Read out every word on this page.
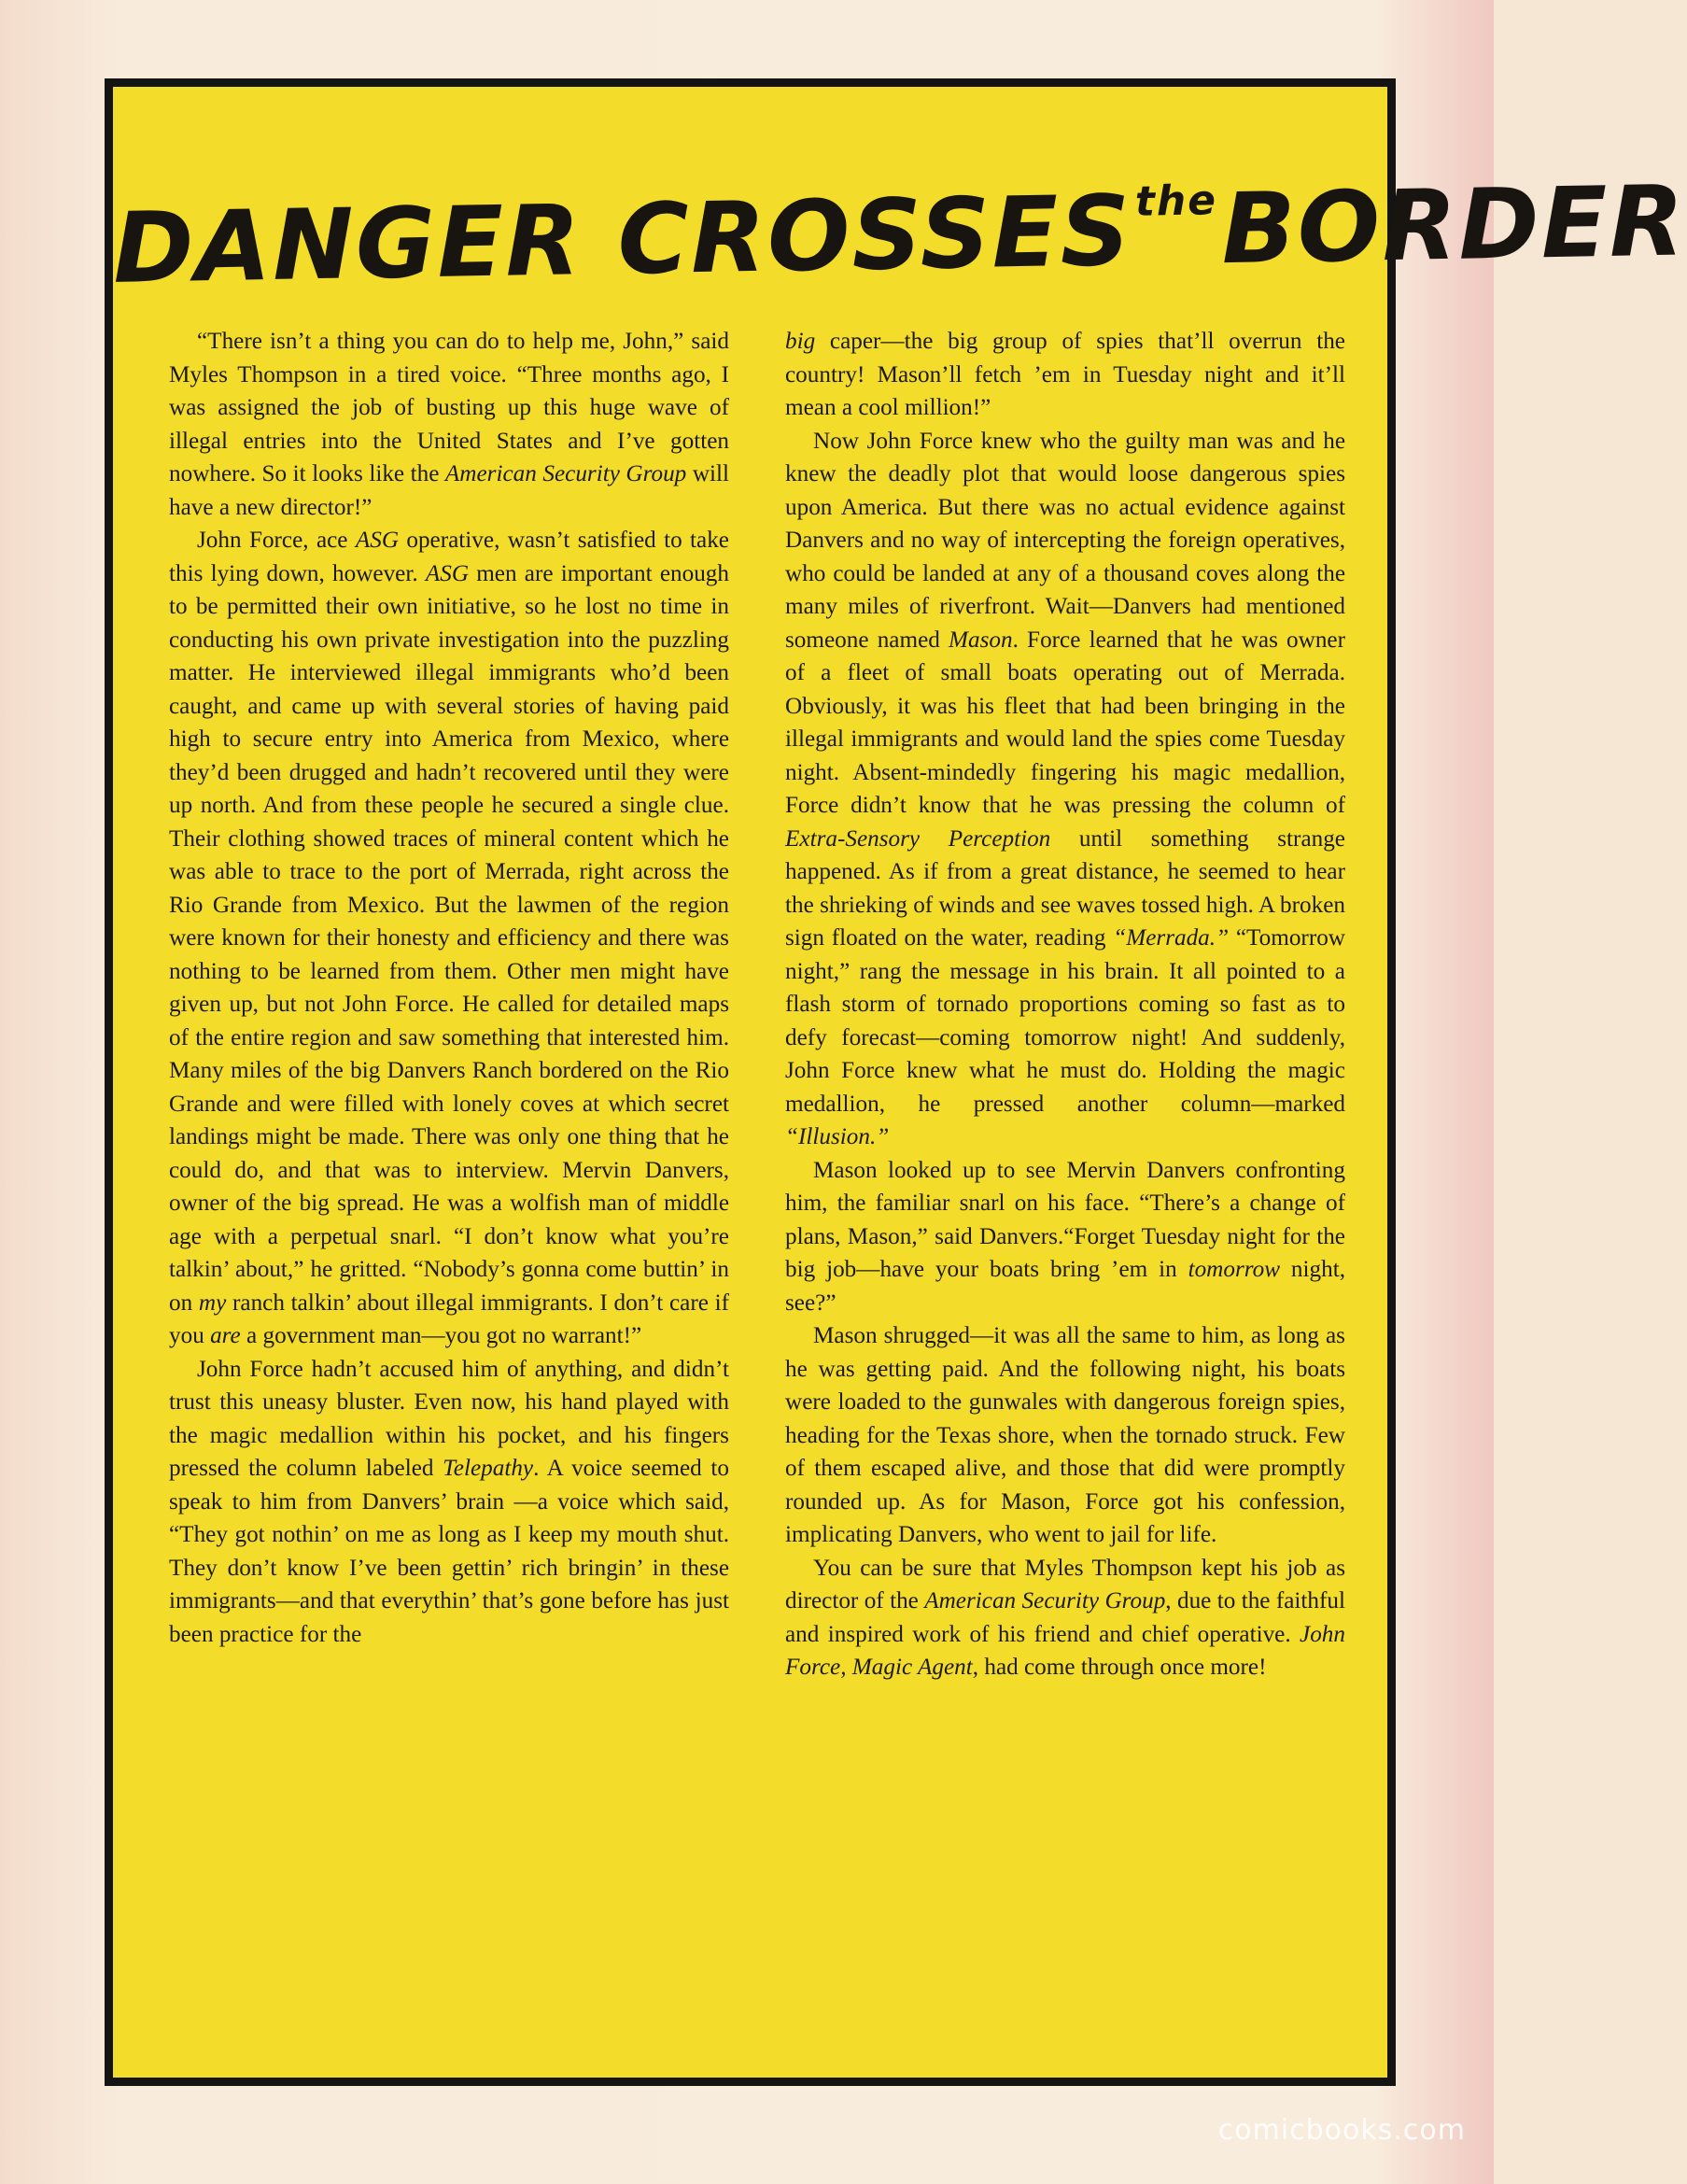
DANGER CROSSEStheBORDER

“There isn’t a thing you can do to help me, John,” said Myles Thompson in a tired voice. “Three months ago, I was assigned the job of busting up this huge wave of illegal entries into the United States and I’ve gotten nowhere. So it looks like the American Security Group will have a new director!”

John Force, ace ASG operative, wasn’t satisfied to take this lying down, however. ASG men are important enough to be permitted their own initiative, so he lost no time in conducting his own private investigation into the puzzling matter. He interviewed illegal immigrants who’d been caught, and came up with several stories of having paid high to secure entry into America from Mexico, where they’d been drugged and hadn’t recovered until they were up north. And from these people he secured a single clue. Their clothing showed traces of mineral content which he was able to trace to the port of Merrada, right across the Rio Grande from Mexico. But the lawmen of the region were known for their honesty and efficiency and there was nothing to be learned from them. Other men might have given up, but not John Force. He called for detailed maps of the entire region and saw something that interested him. Many miles of the big Danvers Ranch bordered on the Rio Grande and were filled with lonely coves at which secret landings might be made. There was only one thing that he could do, and that was to interview. Mervin Danvers, owner of the big spread. He was a wolfish man of middle age with a perpetual snarl. “I don’t know what you’re talkin’ about,” he gritted. “Nobody’s gonna come buttin’ in on my ranch talkin’ about illegal immigrants. I don’t care if you are a government man—you got no warrant!”

John Force hadn’t accused him of anything, and didn’t trust this uneasy bluster. Even now, his hand played with the magic medallion within his pocket, and his fingers pressed the column labeled Telepathy. A voice seemed to speak to him from Danvers’ brain —a voice which said, “They got nothin’ on me as long as I keep my mouth shut. They don’t know I’ve been gettin’ rich bringin’ in these immigrants—and that everythin’ that’s gone before has just been practice for the

big caper—the big group of spies that’ll overrun the country! Mason’ll fetch ’em in Tuesday night and it’ll mean a cool million!”

Now John Force knew who the guilty man was and he knew the deadly plot that would loose dangerous spies upon America. But there was no actual evidence against Danvers and no way of intercepting the foreign operatives, who could be landed at any of a thousand coves along the many miles of riverfront. Wait—Danvers had mentioned someone named Mason. Force learned that he was owner of a fleet of small boats operating out of Merrada. Obviously, it was his fleet that had been bringing in the illegal immigrants and would land the spies come Tuesday night. Absent-mindedly fingering his magic medallion, Force didn’t know that he was pressing the column of Extra-Sensory Perception until something strange happened. As if from a great distance, he seemed to hear the shrieking of winds and see waves tossed high. A broken sign floated on the water, reading “Merrada.” “Tomorrow night,” rang the message in his brain. It all pointed to a flash storm of tornado proportions coming so fast as to defy forecast—coming tomorrow night! And suddenly, John Force knew what he must do. Holding the magic medallion, he pressed another column—marked “Illusion.”

Mason looked up to see Mervin Danvers confronting him, the familiar snarl on his face. “There’s a change of plans, Mason,” said Danvers.“Forget Tuesday night for the big job—have your boats bring ’em in tomorrow night, see?”

Mason shrugged—it was all the same to him, as long as he was getting paid. And the following night, his boats were loaded to the gunwales with dangerous foreign spies, heading for the Texas shore, when the tornado struck. Few of them escaped alive, and those that did were promptly rounded up. As for Mason, Force got his confession, implicating Danvers, who went to jail for life.

You can be sure that Myles Thompson kept his job as director of the American Security Group, due to the faithful and inspired work of his friend and chief operative. John Force, Magic Agent, had come through once more!

comicbooks.com
